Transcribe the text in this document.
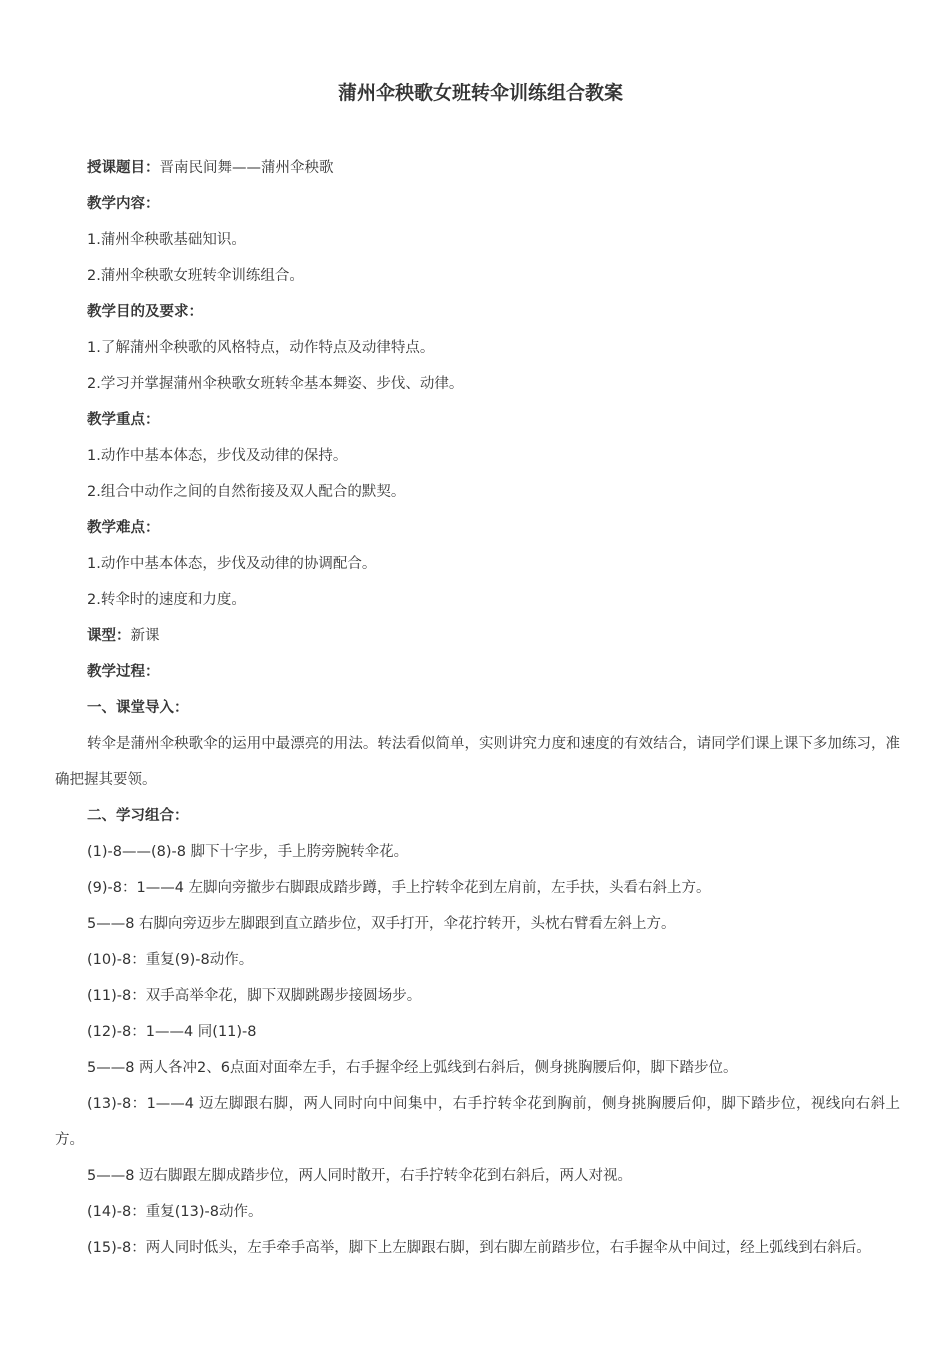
蒲州伞秧歌女班转伞训练组合教案

授课题目：晋南民间舞——蒲州伞秧歌

教学内容：

1.蒲州伞秧歌基础知识。

2.蒲州伞秧歌女班转伞训练组合。

教学目的及要求：

1.了解蒲州伞秧歌的风格特点，动作特点及动律特点。

2.学习并掌握蒲州伞秧歌女班转伞基本舞姿、步伐、动律。

教学重点：

1.动作中基本体态，步伐及动律的保持。

2.组合中动作之间的自然衔接及双人配合的默契。

教学难点：

1.动作中基本体态，步伐及动律的协调配合。

2.转伞时的速度和力度。

课型：新课

教学过程：

一、课堂导入：

转伞是蒲州伞秧歌伞的运用中最漂亮的用法。转法看似简单，实则讲究力度和速度的有效结合，请同学们课上课下多加练习，准确把握其要领。

二、学习组合：

(1)-8——(8)-8 脚下十字步，手上胯旁腕转伞花。

(9)-8：1——4 左脚向旁撤步右脚跟成踏步蹲，手上拧转伞花到左肩前，左手扶，头看右斜上方。

5——8 右脚向旁迈步左脚跟到直立踏步位，双手打开，伞花拧转开，头枕右臂看左斜上方。

(10)-8：重复(9)-8动作。

(11)-8：双手高举伞花，脚下双脚跳踢步接圆场步。

(12)-8：1——4 同(11)-8

5——8 两人各冲2、6点面对面牵左手，右手握伞经上弧线到右斜后，侧身挑胸腰后仰，脚下踏步位。

(13)-8：1——4 迈左脚跟右脚，两人同时向中间集中，右手拧转伞花到胸前，侧身挑胸腰后仰，脚下踏步位，视线向右斜上方。

5——8 迈右脚跟左脚成踏步位，两人同时散开，右手拧转伞花到右斜后，两人对视。

(14)-8：重复(13)-8动作。

(15)-8：两人同时低头，左手牵手高举，脚下上左脚跟右脚，到右脚左前踏步位，右手握伞从中间过，经上弧线到右斜后。
